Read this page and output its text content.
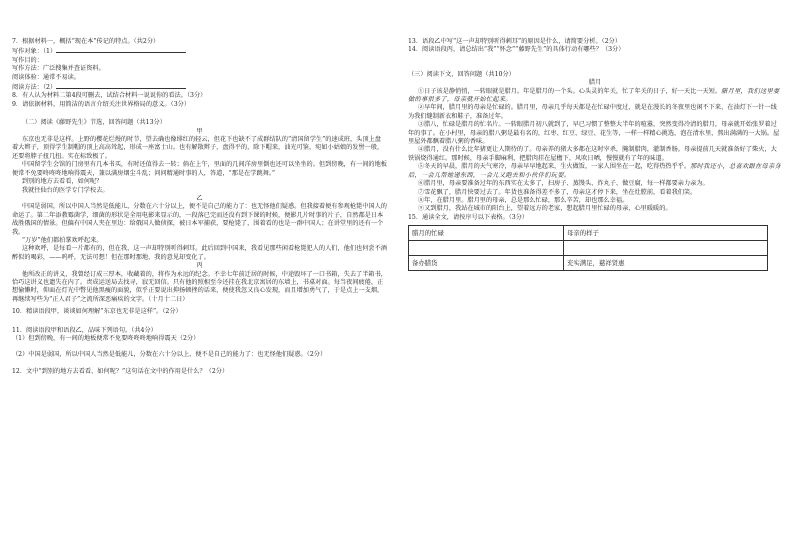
7．根据材料一，概括“现在本”传记的特点。（共2分）

写作对象：（1）

写作目的：

写作方法：广泛搜集并查证资料。

阅读体验：通常不易读。

阅读方法：（2）

8．有人认为材料二第4段可删去，试结合材料一说说你的看法。（3分）

9．请依据材料，用简洁的语言介绍关注世界格局的意义。（3分）

（二）阅读《藤野先生》节选，回答问题（共13分）

甲

东京也无非是这样。上野的樱花烂熳的时节，望去确也像绯红的轻云，但花下也缺不了成群结队的“清国留学生”的速成班，头顶上盘着大辫子，顶得学生制帽的顶上高高耸起，形成一座富士山。也有解散辫子，盘得平的，除下帽来，油光可鉴，宛如小姑娘的发髻一般，还要将脖子扭几扭。实在标致极了。

中国留学生会馆的门房里有几本书买，有时还值得去一转；倘在上午，里面的几间洋房里倒也还可以坐坐的。但到傍晚，有一间的地板便常不免要咚咚咚地响得震天，兼以满房烟尘斗乱；问问精通时事的人，答道，“那是在学跳舞。”

到别的地方去看看，如何呢？

我就往仙台的医学专门学校去。

乙

中国是弱国，所以中国人当然是低能儿，分数在六十分以上，便不是自己的能力了：也无怪他们疑惑。但我接着便有参观枪毙中国人的命运了。第二年添教霉菌学，细菌的形状是全用电影来显示的，一段落已完而还没有到下课的时候，便影几片时事的片子，自然都是日本战胜俄国的情景。但偏有中国人夹在里边：给俄国人做侦探，被日本军捕获，要枪毙了，围着看的也是一群中国人；在讲堂里的还有一个我。

“万岁”他们都拍掌欢呼起来。

这种欢呼，是每看一片都有的，但在我，这一声却特别听得刺耳。此后回到中国来，我看见那些闲看枪毙犯人的人们，他们也何尝不酒醉似的喝彩，——呜呼，无法可想！但在那时那地，我的意见却变化了。

丙

他所改正的讲义，我曾经订成三厚本，收藏着的，将作为永远的纪念。不幸七年前迁居的时候，中途毁坏了一口书箱，失去了半箱书，恰巧这讲义也遗失在内了。责成运送局去找寻，寂无回信。只有他的照相至今还挂在我北京寓居的东墙上，书桌对面。每当夜间疲倦，正想偷懒时，仰面在灯光中瞥见他黑瘦的面貌，似乎正要说出抑扬顿挫的话来，便使我忽又良心发现，而且增加勇气了，于是点上一支烟，再继续写些为“正人君子”之流所深恶痛疾的文字。（十月十二日）

10．精读语段甲，谈谈如何理解“东京也无非是这样”。（2分）

11．阅读语段甲和语段乙，品味下列语句。（共4分）

（1）但到傍晚，有一间的地板便常不免要咚咚咚地响得震天（2分）

（2）中国是弱国，所以中国人当然是低能儿，分数在六十分以上，便不是自己的能力了：也无怪他们疑惑。（2分）

12．文中“到别的地方去看看，如何呢？”这句话在文中的作用是什么？（2分）

13．语段乙中写“这一声却特别听得刺耳”的原因是什么，请简要分析。（2分）

14．阅读语段丙，请总结出“我”“怀念”“藤野先生”的具体行动有哪些？（3分）

（三）阅读下文，回答问题（共10分）

腊月

①日子该是静悄悄，一转眼就是腊月。年是腊月的一个头。心头灵的年关，忙了年关的日子，好一天比一天短。腊月里，我们这里要做的事很多了，母亲就开始忙起来。

②早年间，腊月里的母亲是忙碌的。腊月里，母亲几乎每天都是在忙碌中度过，就是在漫长的冬夜里也闲不下来，在油灯下一针一线为我们缝制新衣和鞋子，准备过年。

③腊八，忙碌是腊月的忙名片。一转眼腊月初八就到了，早已习惯了整整大半年的喧嚣，突然变得冷清的腊月，母亲就开始张罗着过年的事了。在小村里，母亲的腊八粥是最有名的，红枣、红豆、绿豆、花生等，一样一样精心挑选，泡在清水里，熬出满满的一大锅。屋里屋外都飘着腊八粥的香味。

④腊月，没有什么比年猪更让人期待的了。母亲养的猪大多都在这时宰杀，腌制腊肉，灌制香肠。母亲提前几天就准备好了柴火，大铁锅烧得通红。那时候，母亲手脚麻利，把腊肉挂在屋檐下，风吹日晒，慢慢就有了年的味道。

⑤冬天的早晨，腊月的天气寒冷，母亲早早地起来，生火做饭，一家人围坐在一起，吃得热热乎乎。那时我还小，总喜欢跟在母亲身后，一会儿帮她递东西，一会儿又跑去和小伙伴们玩耍。

⑥腊月里，母亲要准备过年的东西实在太多了，扫房子、蒸馒头、炸丸子、做豆腐，每一样都要亲力亲为。

⑦雪花飘了，腊月快要过去了。年货也准备得差不多了，母亲这才停下来，坐在灶膛前，看着我们笑。

⑧年，在腊月里。腊月里的母亲，总是那么忙碌，那么辛苦，却也那么幸福。

⑨又到腊月，我站在城市的阳台上，望着远方的老家，想起腊月里忙碌的母亲，心里暖暖的。

15．通读全文，请按序号以下表格。（3分）

腊月的忙碌	母亲的样子

备办腊货	充实满足，慈祥贤惠
